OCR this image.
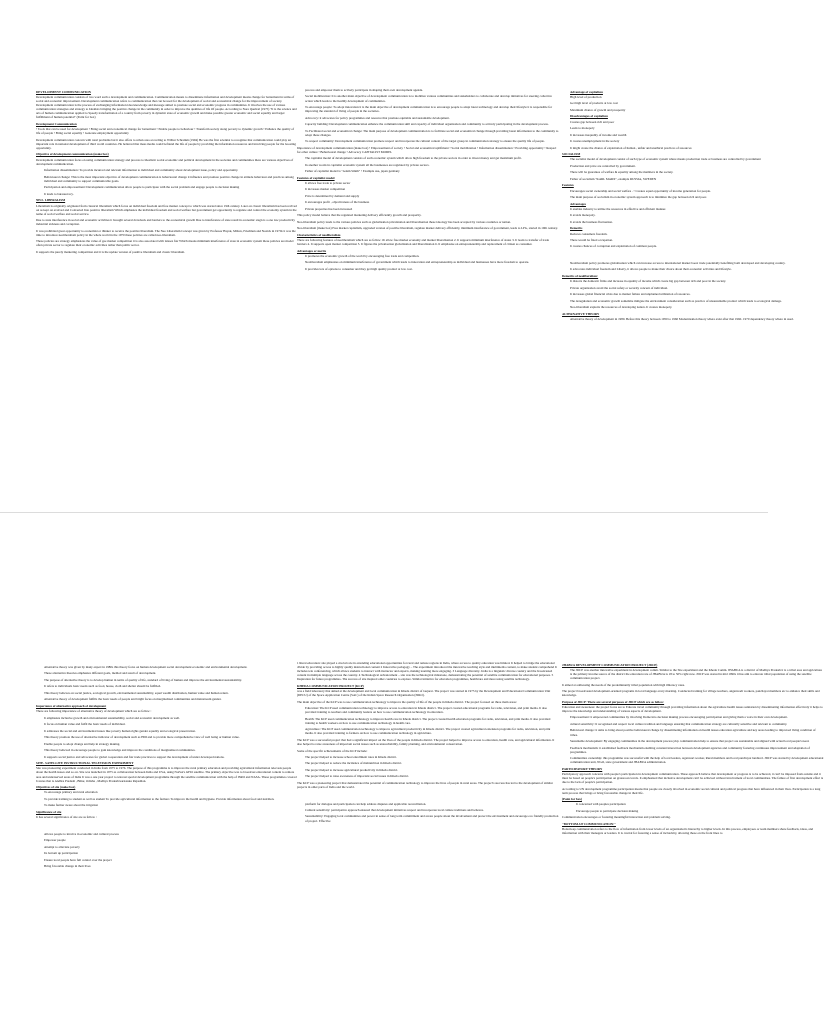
DEVELOPMENT COMMUNICATION

Development communication consists of two word such a development and communication. Communication means to disseminate information and development means change for betterment in terms of social and economic improvement. Development communication refers to communication that can be used for the development of social and economical change for the improvement of society. Development communication is the process of exchanging information idea knowledge and message aimed to promote social and economic progress in communities. It involves the use of various communication strategies and strategy to Idealists bringing the positive change in the community in order to improve the qualities of life Of people. According to Nora Quebral (1975) "It is the science and arts of human communication applied to Speedy transformation of a country from poverty in dynamic state of economic growth and make possible greater economic and social equality and larger fulfillment of human potential" (Point for box)

Development Communication

• Tools that can be used for development • Bring social and economical change for betterment • Enable people to behaviour • Transform society along poverty to dynamic growth • Enhance the quality of life of people • Bring social equality • Generate employment opportunity

Development communication concern with rural problems but it also offers to urban area according to Wilbur Schramm (1994) He was the first scientist to recognize that communication could play an important role in national development of third world countries. He believed that mass media could befriend the life of people by providing the information resources and involving people for the boosting opportunity.

Objective of development communication (make box)

Development communication focus on using communication strategy and process to Idealistic social economic and political development in the societies and communities there are various objectives of development communication.

Information dissemination: To provide incurred and relevant information to individual and community about development issue, policy and opportunity.

Behavioural change: This is the most important objective of development communication is behavioural change it influence and promote positive change in attitude behaviour and practices among individual and community to support communicable goals.

Participation and empowerment: Development communication allow people to participate with the social problem and engage people to decision making

It leads to bureaucracy.

NEO- LIBERALISM

Liberalism is originally originated from classical liberalism which focus on individual freedom and free market concept to which was started since 19th century. Later on classic liberalism has been revived on as kept on evolved and Converted Into positive liberalism Which emphasize the individual freedom and social welfare but government get opportunity to regulate and control the economy system in the name of social welfare and social service.

Due to state interference in social and economic activities it brought several drawback and barriers to the economical growth Due to interference of state result in economic stagn is a one low productivity industrial sickness and corruption.

It was prohibited great opportunity to economist or thinker to receive the positive liberalism. The Neo Liberalism Concept was given by Professor Hayek, Milton, Friedman and Nozick in 1970s it was the time to introduce neoliberalism policy in the whole world in the 1970 these policies are called neo-liberalism.

These policies are strategy emphasizes the value of gee market competition it is also associated with laissez fair Which means minimum interference of state in economic system these policies are model often private sector to regulate their economic activities rather than public sector.

It supports the purely marketing competition and it is the update version of positive liberalism and classic liberalism.

process and empower them to actively participate in shaping their own development agenda.

Social mobilization: It is another main objective of development communication is to mobilize various communities and stakeholders to collaborate and develop initiatives for steering collective action which leads to the healthy development of communities.

To encourage people: To adopt innovation it is the main objective of development communication is to encourage people to adapt latest technology and develop their lifestyle it is responsible for improving the standard of living of people in the societies.

Advocacy: it advocates for policy programmes and resource that promote equitable and sustainable development.

Capacity building: Development communication enhance the communication skill and capacity of individual organisation and community to actively participating in the development process.

To Facilitated social and economical change: The main purpose of development communication is to facilitate social and economical change through providing latest information to the community to adopt these changes.

To respect community: Development communication promote respect and incorporate the cultural context of the target group in communication strategy to ensure the quality life of people.

Importance of development communication (make box) • Empowerment of society • Social and economical upliftment • Social mobilization • Information dissemination • Providing opportunity • Respect for other culture • Behavioural change • Advocacy CAPITALIST MODEL

The capitalist model of development consists of such economic system which allow high freedom to the private sectors in order to invest money and get maximum profit.

In another words in capitalist economic system all the businesses are regulated by private sectors.

Father of capitalist model is "Adam Smith" • Example usa, japan germany

Features of capitalist model

It allows free trade to private sector

It increases market competition

Price is determined by demand and supply

It encourages profit , objectiveness of the business

Private properties has been increased

This policy model believe that the regulated marketing delivery efficiently growth and prosperity.

Neo-liberalism policy leads to the various policies such as globalisation privatization and liberalisation these ideology has been accepted by various countries or nation.

Neo-liberalism (make box) Free market capitalism, upgraded version of positive liberalism, regulate market delivery efficiently, minimum interference of government, leads to LPG, started in 19th century.

Characteristics of neoliberalism

There are following features of neoliberalism which are as follow 1It allow free market economy and market liberalisation 2. It supports minimum interference of states 3. It leads to transfer of trade barriers 4. It supports open market competition 5. It figures the privatisation globalization and liberalization 6. It emphasise on entrepreneurship and replacement of citizen as consumer.

Advantages or merits

It promotes the economic growth of the world by encouraging free trade and competition.

Neoliberalism emphasizes on minimum interference of government which leads to innovation and entrepreneurship as individual and businesses have more freedom to operate.

It provides lots of options to consumer and they get high quality product at low cost.

Advantage of capitalism

High level of production

Get high level of products at low cost

Maximum chance of growth and prosperity

Disadvantages of capitalism

Creates gap between rich and poor

Leads to monopoly

It increases inequality of income and wealth

It creates unemployment in the society

It might create the chance of exploitation of human , unfair and unethical practices of resources

SOCIALISM

The socialist model of development consist of such type of economic system where means production trade or business are controlled by government

Production and price are controlled by government.

There will be guarantee of welfare & equality among the members in the society.

Father of socialism "KARL MARX", example RUSSIA, SWEDEN

Features

Encourages social ownership and social welfare . • Creates equal opportunity of income generation for people.

The main purpose of socialism in economic system approach is to minimize the gap between rich and poor.

Advantages

It enables industry to utilize the resources in effective and efficient manner.

It avoids monopoly.

It avoids the business fluctuation.

Demerits

Reduces consumers freedom.

There would be fixed occupation.

It creates chances of corruption and exploitation of common people.

Neoliberalism policy promotes globalisation which can increase access to international market boost trade potentially benefiting both developed and developing country.

It advocates individual freedom and Liberty, it allows people to make their choice about their economic activities and lifestyle.

Demerits of neoliberalism:

It distorts the domestic firms and increase in equality of income which create big gap between rich and poor in the society.

Private organisation avoid the social safety or security concern of individual.

It increases global financial crisis due to market failure and unplanned utilization of resources.

The deregulation and economic growth sometime mitigate the environment consideration such as practice of unsustainable product which leads to ecological damage.

Neo-liberalism exploits the resources of developing nation. It creates monopoly.

ALTERNATIVE THEORY

Alternative theory of development in 1980. Before this theory between 1950 to 1960 Modernisation theory where exist after that 1960- 1970 dependency theory where in used.

Alternative theory was given by many expert in 1980s this theory focus on human development social development economic and environmental development.

These alternative theories emphasize different goals, method and result of development.

The purpose of alternative theory is to develop human in terms of quality of life, standard of living of human and improve the environmental sustainability.

It refers to individuals basic needs such as food, house, cloth and shelter should be fulfilled.

This theory believes on social justice, ecological growth, environmental sustainability, equal wealth distribution, human value and human return.

Alternative theory of development fulfills the basic needs of people and bright focus on marginalized communities and mainstream gender.

Importance of alternative approach of development

There are following importance of alternative theory of development which are as follow :

It emphasize inclusive growth and environmental sustainability, social and economic development as well.

It focus on human value and fulfil the basic needs of individual.

It addresses the social and environmental issues like poverty human rights gender equality and ecological preservation.

This theory promote the use of alternative indicator of development such as HDI and to provide more comprehensive view of well being or human value.

Enable people to adopt change and help in strategy making.

This theory believed in encourage people to gain knowledge and improve the conditions of marginalized communities.

It supports social justice and advocates for global cooperation and fair trade practices to support the development of under developed nations.

SITE- SATELLITE INSTRUCTIONAL TELEVISION EXPERIMENT

Site was pioneering experiment conducted in India from 1975 to 1976. The purpose of this programme is to improve the rural primary education and providing agricultural information telecasts people about the health issues and so on. Site was launched in 1975 as collaboration between India and USA, using NASA's ATS6 satellite. The primary objective was to broadcast educational content to remote area and underserved areas of India It was a one year project to telecast special development programme through the satellite communication with the help of ISRO and NASA. These programmes covered 6 states that is Andhra Pradesh , Bihar, Odisha , Madhya Pradesh karnataka Rajasthan.

Objectives of site (make box)

To encourage primary and rural education

To provide training to student as well as student To provide agricultural information to the farmers To improve the health and hygiene. Provide information about food and nutrition.

To make farmer aware about the irrigation

Significance of site

It has several significance of site are as follow :

Allows people to involve in economic and cultural process

Empower people

Attempt to alleviate poverty

Its bottom up participation

Ensure local people have full control over the project

Bring favorable change in their lives

1 Rural education: site played a crucial role in extending educational opportunities for rural and remote regions in India, where access to quality education was limited. It helped to bridge the educational divide by providing access to highly quality instructional content 2 Innovative pedagogy – The experiment introduced the innovative teaching style and multimedia content, to make student comprehend It includes tele conferencing, which allows students to interact with instructor and experts, making learning more engaging. 3 Language diversity- India is a linguistic diverse country and the broadcasted content in multiple language across the country. 4 Technological Advancement – site was the technological milestone, demonstrating the potential of satellite communication for educational purposes. 5 Inspiration for future programmes- The success of site inspired other countries to explore. Similar initiative for education programmes, healthcare and more using satellite technology.

KHEDA COMMUNICATION PROJECT (KCP)

was a field laboratory that aimed at the development and local communication in Kheda district of Gujarat. The project was started in 1975 by the Development and Educational Communication Unit (DECU) of the Space Application Centre (SAC) of the Indian Space Research Organisation (ISRO).

The main objective of the KCP was to use communication technology to improve the quality of life of the people in Kheda district. The project focused on three main areas:

Education: The KCP used communication technology to improve access to education in Kheda district. The project created educational programs for radio, television, and print media. It also provided training to teachers and community leaders on how to use communication technology in education.

Health: The KCP used communication technology to improve health care in Kheda district. The project created health education programs for radio, television, and print media. It also provided training to health workers on how to use communication technology in health care.

Agriculture: The KCP used communication technology to improve agricultural productivity in Kheda district. The project created agricultural extension programs for radio, television, and print media. It also provided training to farmers on how to use communication technology in agriculture.

The KCP was a successful project that had a significant impact on the lives of the people in Kheda district. The project helped to improve access to education, health care, and agricultural information. It also helped to raise awareness of important social issues such as untouchability, family planning, and environmental conservation.

Some of the specific achievements of the KCP include:

The project helped to increase school enrollment rates in Kheda district.

The project helped to reduce the incidence of malnutrition in Kheda district.

The project helped to increase agricultural productivity in Kheda district.

The project helped to raise awareness of important social issues in Kheda district.

The KCP was a pioneering project that demonstrated the potential of communication technology to improve the lives of people in rural areas. The project's success has led to the development of similar projects in other parts of India and the world.

platform for dialogue and participation can help address disputes and applicable reconciliation.

Cultural sensitivity: participative approach ensured that development initiatives respect and incorporate local culture traditions and believes.

Sustainability: Engaging local communities and power in sense of long term commitment and aware people about the involvement and protect the environment and encourage eco friendly production of project. Effective

JHABUA DEVELOPMENT COMMUNICATION PROJECT (JDCP)

The JDCP was another innovative experiment in development comm. Similar to the Site experiment and the Kheda Comm. JHABUA is a district of Madhya Pradesh it is a tribal area and agriculture is the primary income source of the district the education rate of JHABUA is 18 to 50% right now. JDCP was started in mid 1990s it has aim to educate tribal population of using the satellite communication project.

It aimed at addressing the needs of the predominantly tribal population with high illiteracy rates.

The project broadcasted development-oriented programs in local language every morning. Conducted training for village teachers, anganwadi workers, panchayat members etc to enhance their skills and knowledge.

Purpose of JDCP: There are several purposes of JDCP which are as follow:

Education and awareness: the project focus are to Educate travel community through providing information about the agriculture health issues sanitation by disseminating information effectively it helps to improve the knowledge and understanding of various aspects of development.

Empowerment: it empowered communities by involving Dome into decision making process encouraging participation and giving them a voice in their own development.

cultural sensitivity: It recognised and respect local culture tradition and language ensuring that communication strategy are culturally sensitive and relevant to community.

Behavioral change: it aims to bring about positive behavioural change by disseminating information on health issues education agriculture and key areas leading to improved living condition of tribes.

Sustainable development: By engaging communities in the development process jdcp communication help to ensure that project are sustainable and aligned with actual local people's need.

Feedback mechanism: it established feedback mechanism enabling constant interaction between development agencies and community fostering continuous improvement and adaptation of programmes.

Communities ownership: this programme was successful with the help of local leaders, Aganwari worker, Rural members and local panchayat landlord. JDCP was started by development educational communication unit, NGO, state government and JHABUA administration.

PARTICIPATORY THEORY

Participatory approach concerns with people's participation in development communication. These approach believe that development or progress is to be achieved, it can't be imposed from outside and it must be based on people's participation on grassroots levels. It emphasized that inclusive development can't be achieved without involvement of local communities. The failure of first development effort is due to the lack of people's participation.

According to UN development programme participation means that people are closely involved in economic social cultural and political progress that have influenced in their lives. Participation is a long term process that brings or bring favourable change in their life.

(Point for box)

It concerned with peoples participation

Encourage people to participate decision making

Communication encourages or fostering meaningful interaction and problem solving.

"BOTTOM-UP COMMUNICATION:"

Bottom-up communication refers to the flow of information from lower levels of an organization's hierarchy to higher levels. In this process, employees or team members share feedback, ideas, and information with their managers or leaders. It is crucial for fostering a sense of inclusivity, allowing those on the front lines to
